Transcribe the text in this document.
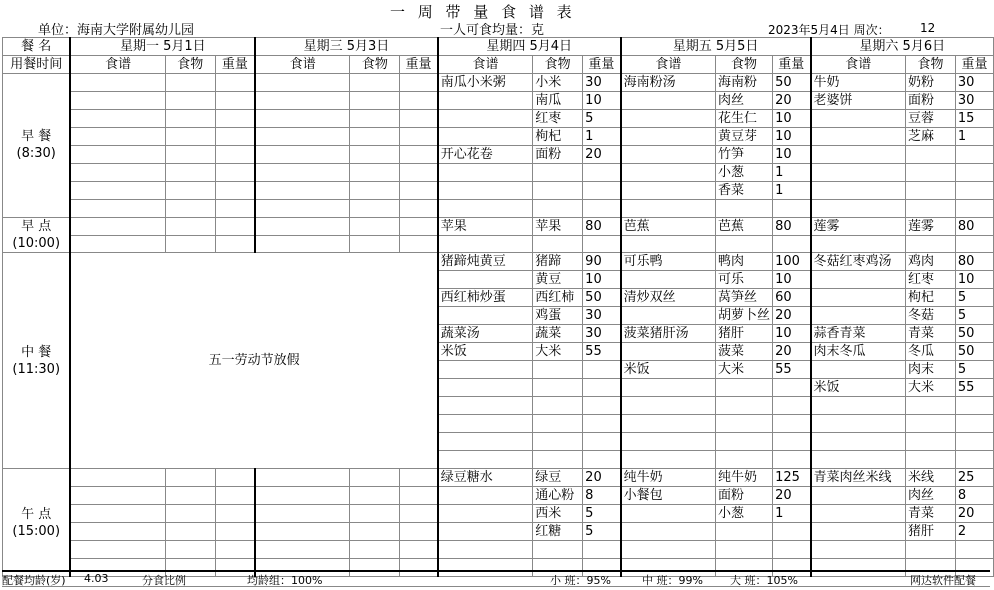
一 周 带 量 食 谱 表
单位：海南大学附属幼儿园	一人可食均量：克	2023年5月4日 周次：	12
餐 名	星期一 5月1日			星期三 5月3日			星期四 5月4日			星期五 5月5日			星期六 5月6日		
用餐时间	食谱	食物	重量	食谱	食物	重量	食谱	食物	重量	食谱	食物	重量	食谱	食物	重量

早 餐
(8:30)							南瓜小米粥	小米	30	海南粉汤	海南粉	50	牛奶	奶粉	30
								南瓜	10		肉丝	20	老婆饼	面粉	30
								红枣	5		花生仁	10		豆蓉	15
								枸杞	1		黄豆芽	10		芝麻	1
							开心花卷	面粉	20		竹笋	10			
											小葱	1			
											香菜	1			

早 点
(10:00)							苹果	苹果	80	芭蕉	芭蕉	80	莲雾	莲雾	80

中 餐
(11:30)	五一劳动节放假						猪蹄炖黄豆	猪蹄	90	可乐鸭	鸭肉	100	冬菇红枣鸡汤	鸡肉	80
								黄豆	10		可乐	10		红枣	10
							西红柿炒蛋	西红柿	50	清炒双丝	莴笋丝	60		枸杞	5
								鸡蛋	30		胡萝卜丝	20		冬菇	5
							蔬菜汤	蔬菜	30	菠菜猪肝汤	猪肝	10	蒜香青菜	青菜	50
							米饭	大米	55		菠菜	20	肉末冬瓜	冬瓜	50
										米饭	大米	55		肉末	5
													米饭	大米	55

午 点
(15:00)							绿豆糖水	绿豆	20	纯牛奶	纯牛奶	125	青菜肉丝米线	米线	25
								通心粉	8	小餐包	面粉	20		肉丝	8
								西米	5		小葱	1		青菜	20
								红糖	5					猪肝	2

配餐均龄(岁) 4.03	分食比例	均龄组：100%	小 班：95%	中 班：99% 大 班：105%	网达软件配餐
